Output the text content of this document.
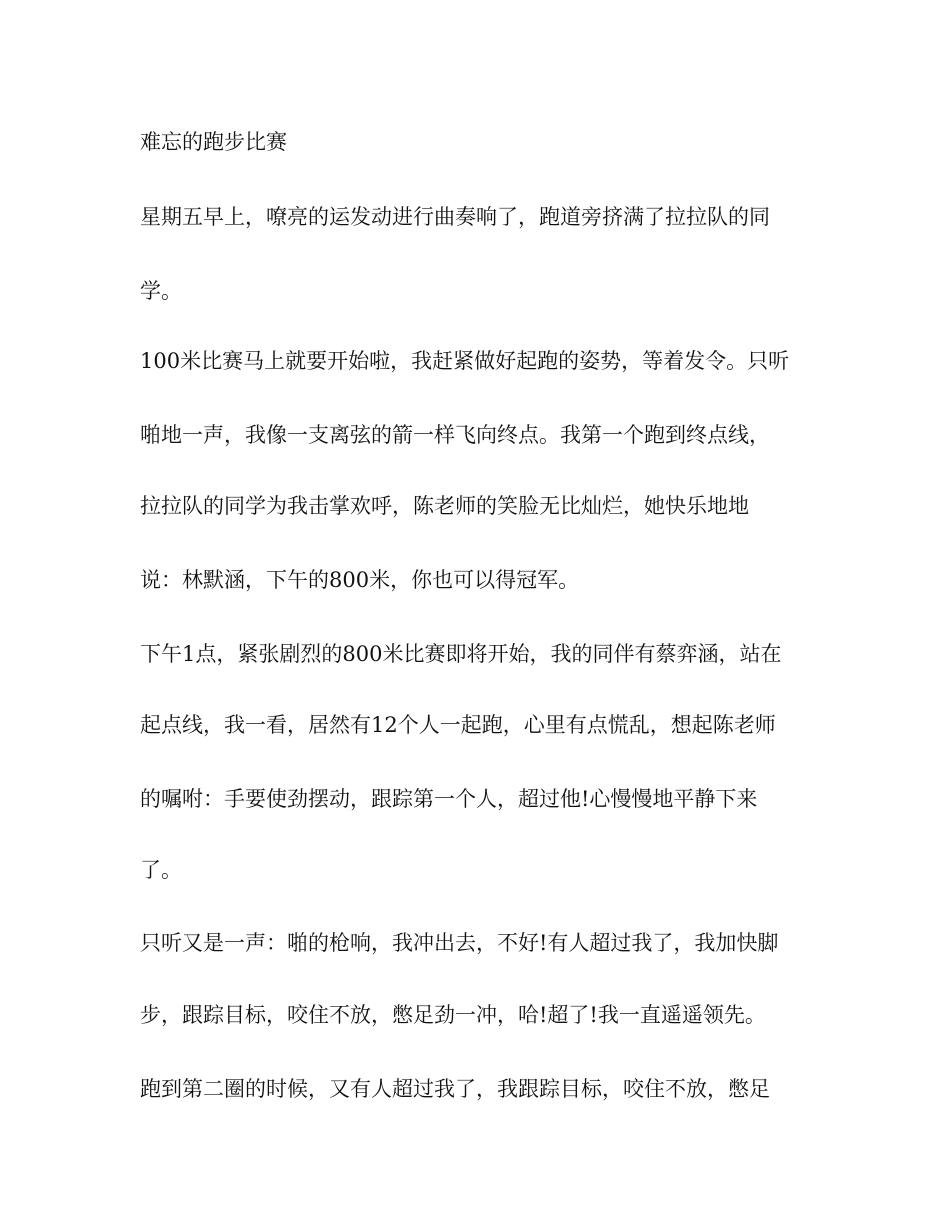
难忘的跑步比赛

星期五早上，嘹亮的运发动进行曲奏响了，跑道旁挤满了拉拉队的同

学。

100米比赛马上就要开始啦，我赶紧做好起跑的姿势，等着发令。只听

啪地一声，我像一支离弦的箭一样飞向终点。我第一个跑到终点线，

拉拉队的同学为我击掌欢呼，陈老师的笑脸无比灿烂，她快乐地地

说：林默涵，下午的800米，你也可以得冠军。

下午1点，紧张剧烈的800米比赛即将开始，我的同伴有蔡弈涵，站在

起点线，我一看，居然有12个人一起跑，心里有点慌乱，想起陈老师

的嘱咐：手要使劲摆动，跟踪第一个人，超过他!心慢慢地平静下来

了。

只听又是一声：啪的枪响，我冲出去，不好!有人超过我了，我加快脚

步，跟踪目标，咬住不放，憋足劲一冲，哈!超了!我一直遥遥领先。

跑到第二圈的时候，又有人超过我了，我跟踪目标，咬住不放，憋足
